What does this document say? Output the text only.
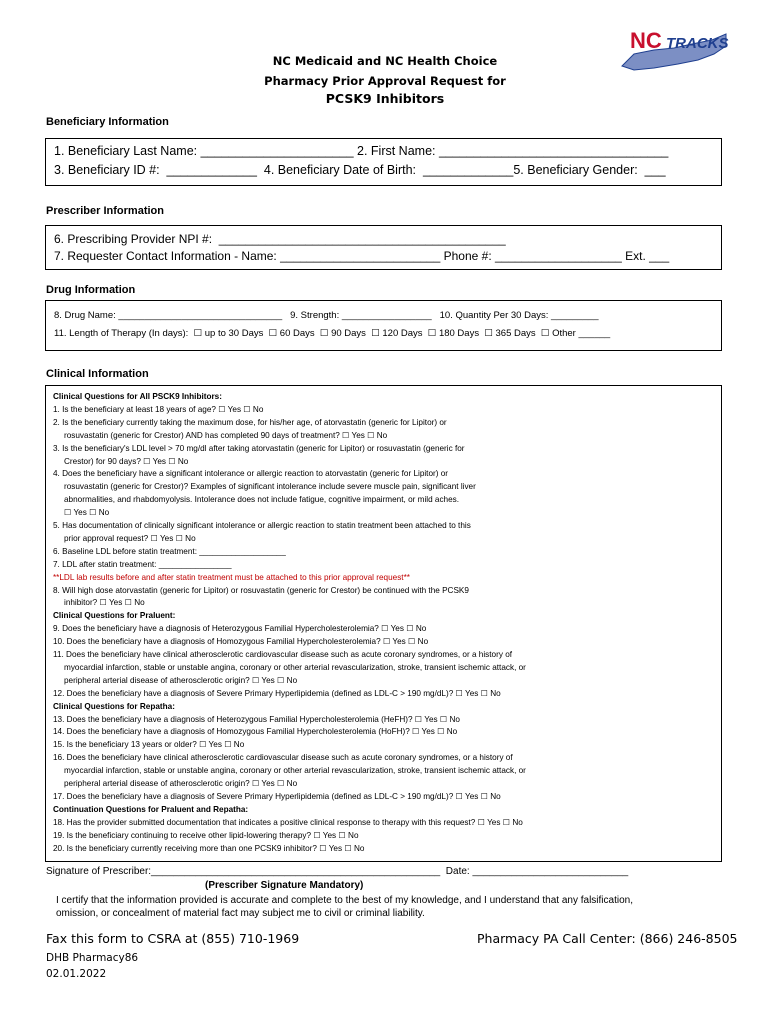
NC Medicaid and NC Health Choice
Pharmacy Prior Approval Request for
PCSK9 Inhibitors
NC TRACKS
Beneficiary Information
1. Beneficiary Last Name: ______________________ 2. First Name: _________________________________
3. Beneficiary ID #:  _____________  4. Beneficiary Date of Birth:  _____________5. Beneficiary Gender:  ___
Prescriber Information
6. Prescribing Provider NPI #:  ___________________________________________
7. Requester Contact Information - Name: ________________________ Phone #: ___________________ Ext. ___
Drug Information
8. Drug Name: _______________________________   9. Strength: _________________   10. Quantity Per 30 Days: _________
11. Length of Therapy (In days):  ☐ up to 30 Days  ☐ 60 Days  ☐ 90 Days  ☐ 120 Days  ☐ 180 Days  ☐ 365 Days  ☐ Other ______
Clinical Information
Clinical Questions for All PSCK9 Inhibitors:
1. Is the beneficiary at least 18 years of age? ☐ Yes ☐ No
2. Is the beneficiary currently taking the maximum dose, for his/her age, of atorvastatin (generic for Lipitor) or
rosuvastatin (generic for Crestor) AND has completed 90 days of treatment? ☐ Yes ☐ No
3. Is the beneficiary's LDL level > 70 mg/dl after taking atorvastatin (generic for Lipitor) or rosuvastatin (generic for
Crestor) for 90 days? ☐ Yes ☐ No
4. Does the beneficiary have a significant intolerance or allergic reaction to atorvastatin (generic for Lipitor) or
rosuvastatin (generic for Crestor)? Examples of significant intolerance include severe muscle pain, significant liver
abnormalities, and rhabdomyolysis. Intolerance does not include fatigue, cognitive impairment, or mild aches.
☐ Yes ☐ No
5. Has documentation of clinically significant intolerance or allergic reaction to statin treatment been attached to this
prior approval request? ☐ Yes ☐ No
6. Baseline LDL before statin treatment: ___________________
7. LDL after statin treatment: ________________
**LDL lab results before and after statin treatment must be attached to this prior approval request**
8. Will high dose atorvastatin (generic for Lipitor) or rosuvastatin (generic for Crestor) be continued with the PCSK9
inhibitor? ☐ Yes ☐ No
Clinical Questions for Praluent:
9. Does the beneficiary have a diagnosis of Heterozygous Familial Hypercholesterolemia? ☐ Yes ☐ No
10. Does the beneficiary have a diagnosis of Homozygous Familial Hypercholesterolemia? ☐ Yes ☐ No
11. Does the beneficiary have clinical atherosclerotic cardiovascular disease such as acute coronary syndromes, or a history of
myocardial infarction, stable or unstable angina, coronary or other arterial revascularization, stroke, transient ischemic attack, or
peripheral arterial disease of atherosclerotic origin? ☐ Yes ☐ No
12. Does the beneficiary have a diagnosis of Severe Primary Hyperlipidemia (defined as LDL-C > 190 mg/dL)? ☐ Yes ☐ No
Clinical Questions for Repatha:
13. Does the beneficiary have a diagnosis of Heterozygous Familial Hypercholesterolemia (HeFH)? ☐ Yes ☐ No
14. Does the beneficiary have a diagnosis of Homozygous Familial Hypercholesterolemia (HoFH)? ☐ Yes ☐ No
15. Is the beneficiary 13 years or older? ☐ Yes ☐ No
16. Does the beneficiary have clinical atherosclerotic cardiovascular disease such as acute coronary syndromes, or a history of
myocardial infarction, stable or unstable angina, coronary or other arterial revascularization, stroke, transient ischemic attack, or
peripheral arterial disease of atherosclerotic origin? ☐ Yes ☐ No
17. Does the beneficiary have a diagnosis of Severe Primary Hyperlipidemia (defined as LDL-C > 190 mg/dL)? ☐ Yes ☐ No
Continuation Questions for Praluent and Repatha:
18. Has the provider submitted documentation that indicates a positive clinical response to therapy with this request? ☐ Yes ☐ No
19. Is the beneficiary continuing to receive other lipid-lowering therapy? ☐ Yes ☐ No
20. Is the beneficiary currently receiving more than one PCSK9 inhibitor? ☐ Yes ☐ No
Signature of Prescriber:____________________________________________________  Date: ____________________________
(Prescriber Signature Mandatory)
I certify that the information provided is accurate and complete to the best of my knowledge, and I understand that any falsification,
omission, or concealment of material fact may subject me to civil or criminal liability.
Fax this form to CSRA at (855) 710-1969	Pharmacy PA Call Center: (866) 246-8505
DHB Pharmacy86
02.01.2022
